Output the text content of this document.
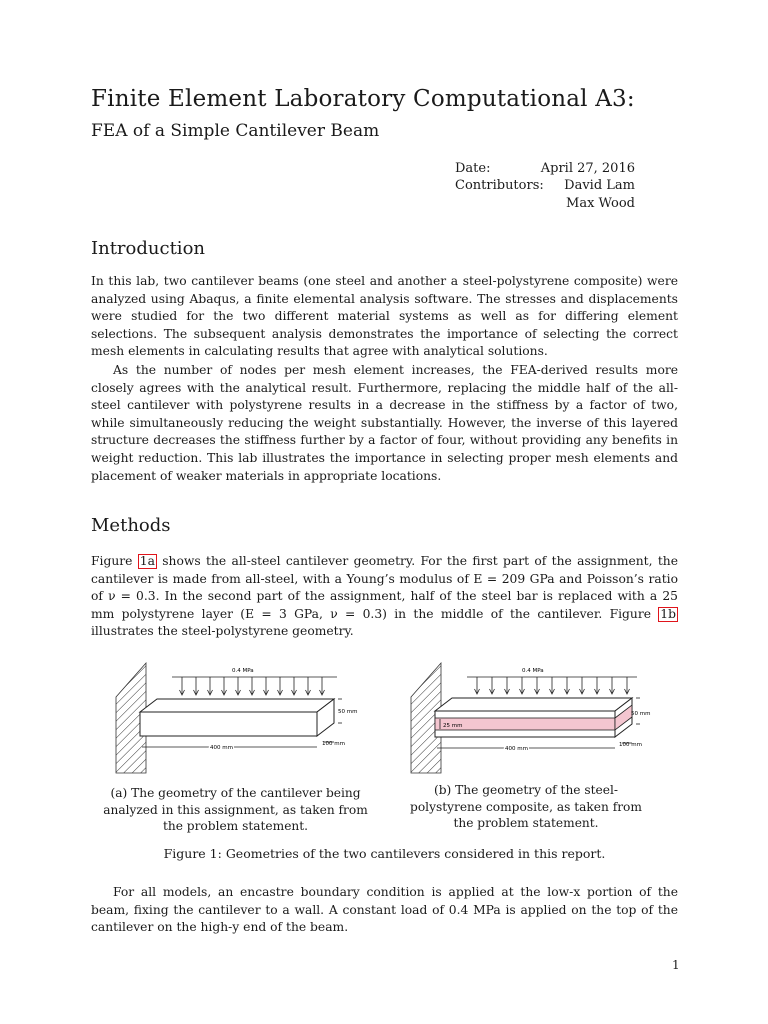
Finite Element Laboratory Computational A3:
FEA of a Simple Cantilever Beam
Date:	April 27, 2016
Contributors: David Lam
Max Wood
Introduction

In this lab, two cantilever beams (one steel and another a steel-polystyrene composite) were analyzed using Abaqus, a finite elemental analysis software. The stresses and displacements were studied for the two different material systems as well as for differing element selections. The subsequent analysis demonstrates the importance of selecting the correct mesh elements in calculating results that agree with analytical solutions.

As the number of nodes per mesh element increases, the FEA-derived results more closely agrees with the analytical result. Furthermore, replacing the middle half of the all-steel cantilever with polystyrene results in a decrease in the stiffness by a factor of two, while simultaneously reducing the weight substantially. However, the inverse of this layered structure decreases the stiffness further by a factor of four, without providing any benefits in weight reduction. This lab illustrates the importance in selecting proper mesh elements and placement of weaker materials in appropriate locations.

Methods

Figure 1a shows the all-steel cantilever geometry. For the first part of the assignment, the cantilever is made from all-steel, with a Young’s modulus of E = 209 GPa and Poisson’s ratio of ν = 0.3. In the second part of the assignment, half of the steel bar is replaced with a 25 mm polystyrene layer (E = 3 GPa, ν = 0.3) in the middle of the cantilever. Figure 1b illustrates the steel-polystyrene geometry.

0.4 MPa
50 mm
400 mm
100 mm
0.4 MPa
50 mm
25 mm
400 mm
100 mm
(a) The geometry of the cantilever being analyzed in this assignment, as taken from the problem statement.
(b) The geometry of the steel-polystyrene composite, as taken from the problem statement.
Figure 1: Geometries of the two cantilevers considered in this report.

For all models, an encastre boundary condition is applied at the low-x portion of the beam, fixing the cantilever to a wall. A constant load of 0.4 MPa is applied on the top of the cantilever on the high-y end of the beam.

1
